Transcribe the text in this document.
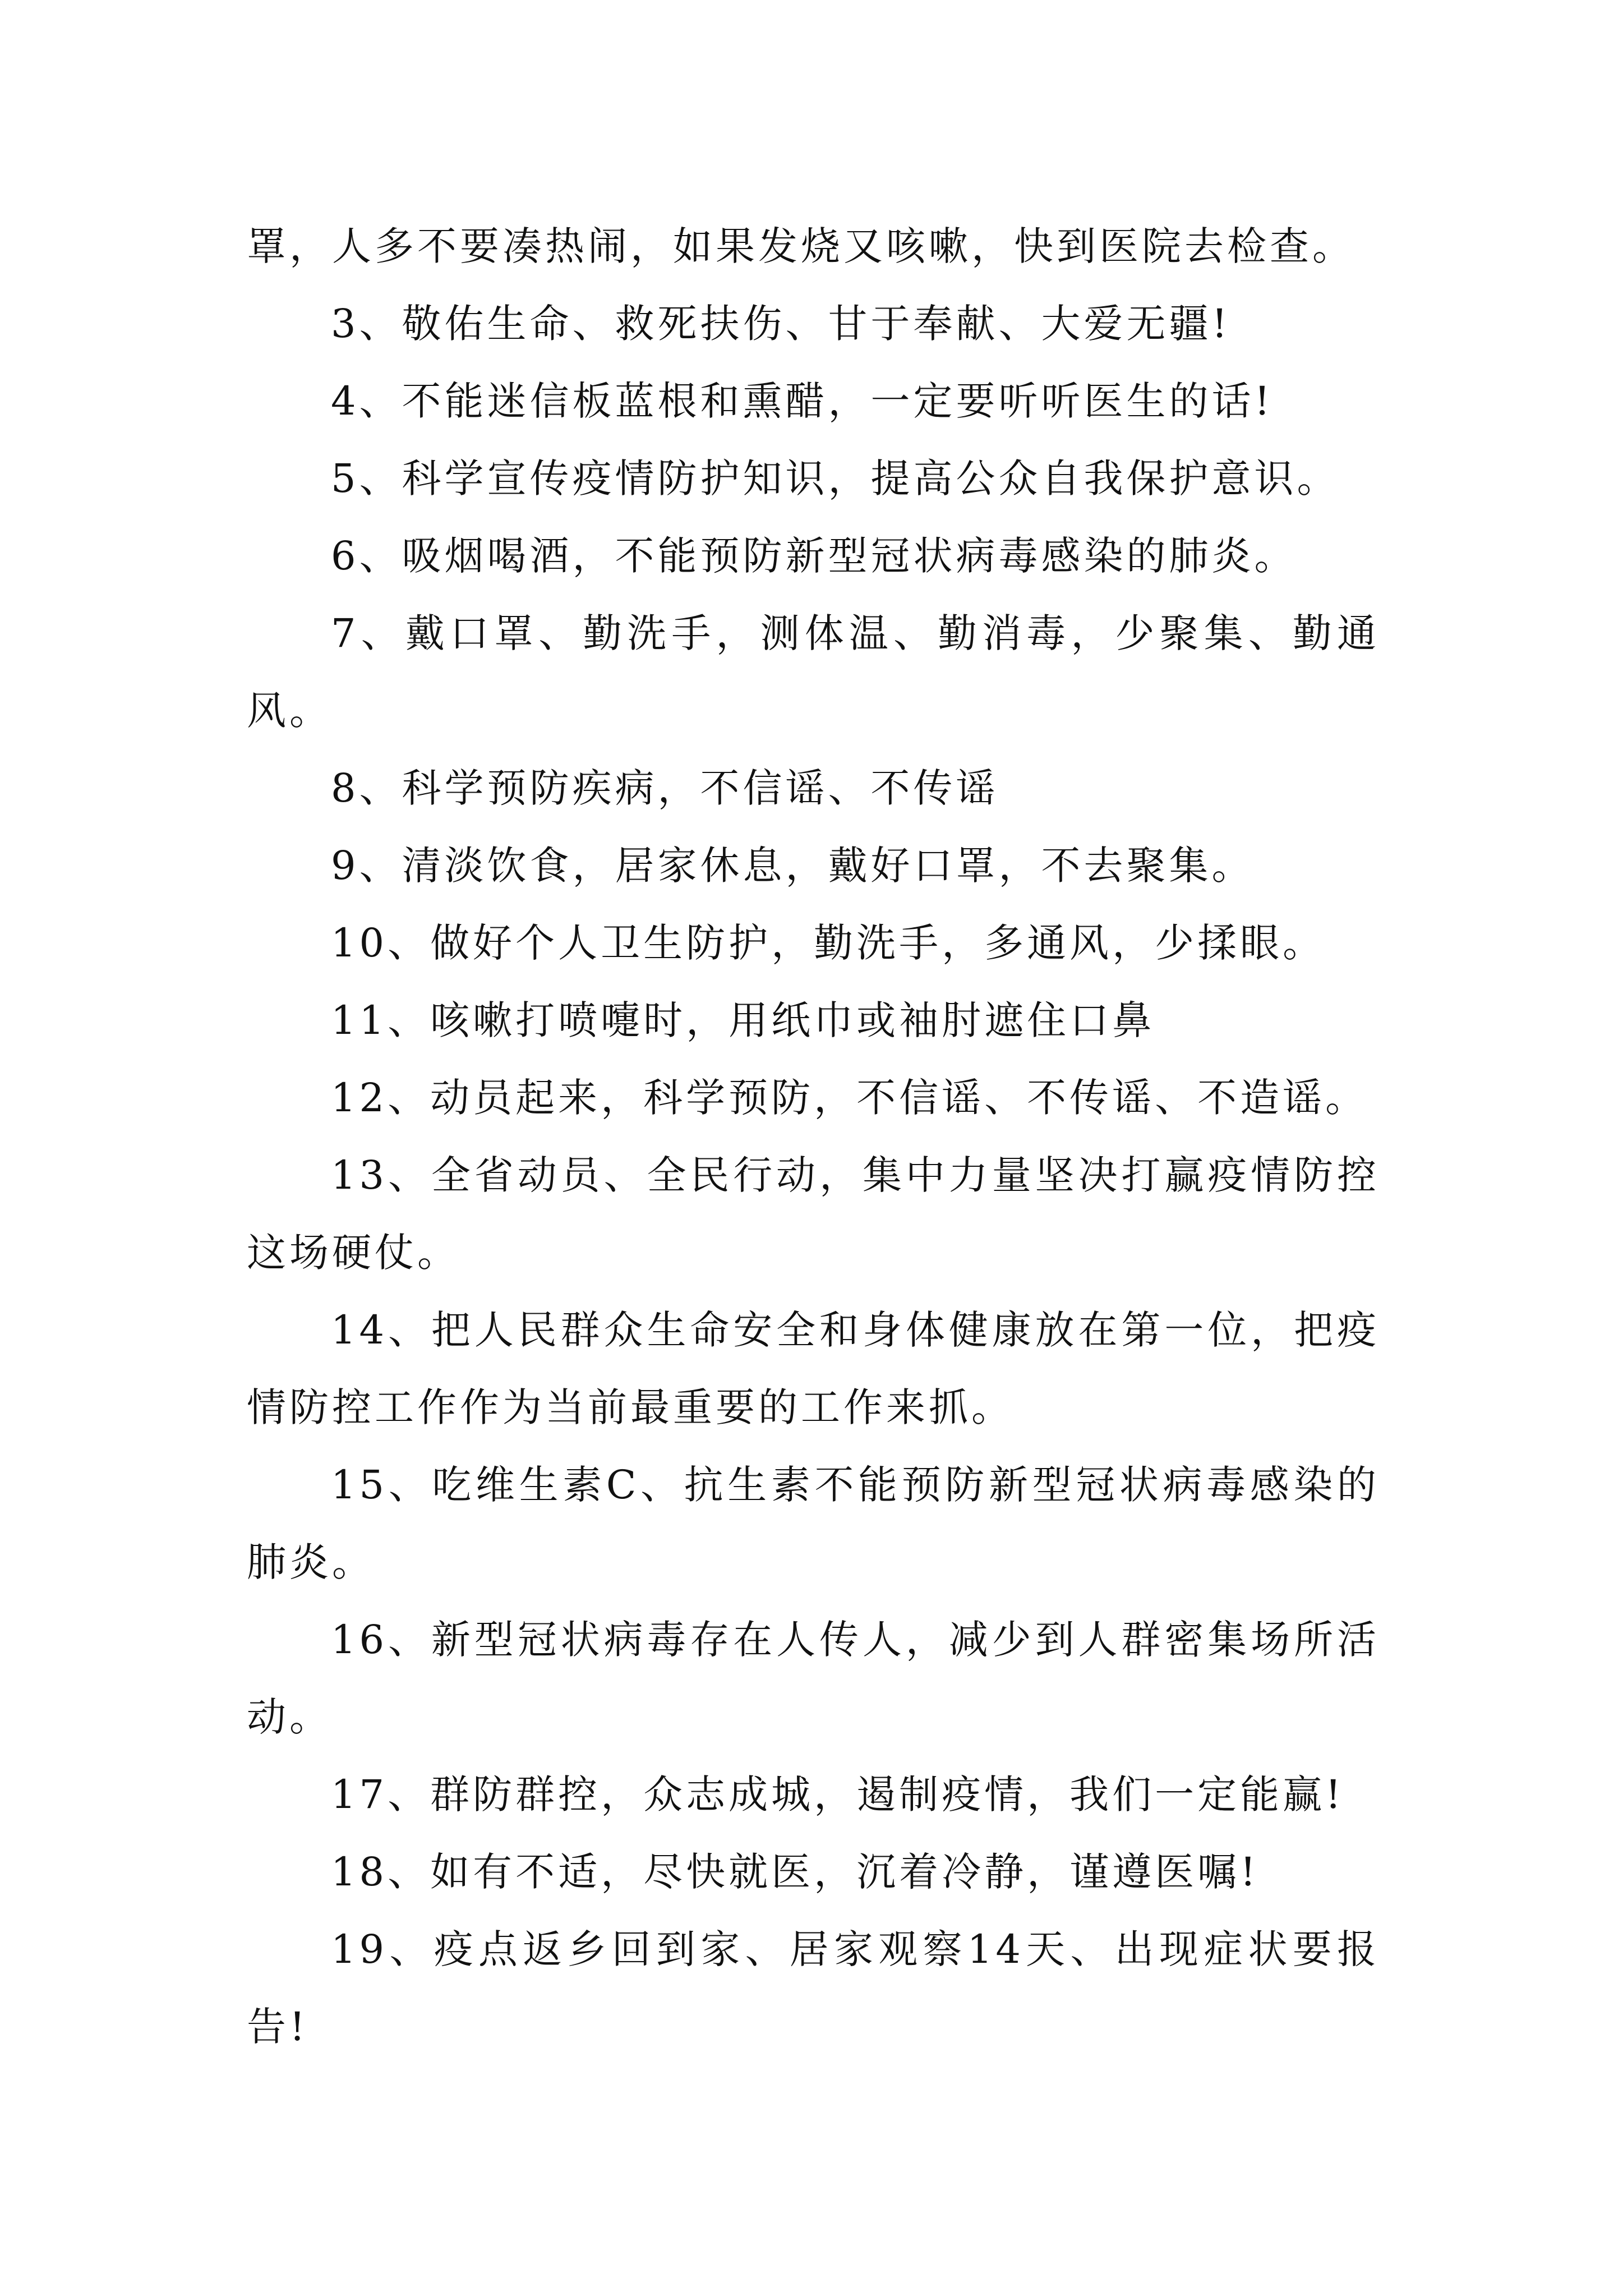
罩，人多不要凑热闹，如果发烧又咳嗽，快到医院去检查。

3、敬佑生命、救死扶伤、甘于奉献、大爱无疆!

4、不能迷信板蓝根和熏醋，一定要听听医生的话!

5、科学宣传疫情防护知识，提高公众自我保护意识。

6、吸烟喝酒，不能预防新型冠状病毒感染的肺炎。

7、戴口罩、勤洗手，测体温、勤消毒，少聚集、勤通风。

8、科学预防疾病，不信谣、不传谣

9、清淡饮食，居家休息，戴好口罩，不去聚集。

10、做好个人卫生防护，勤洗手，多通风，少揉眼。

11、咳嗽打喷嚏时，用纸巾或袖肘遮住口鼻

12、动员起来，科学预防，不信谣、不传谣、不造谣。

13、全省动员、全民行动，集中力量坚决打赢疫情防控这场硬仗。

14、把人民群众生命安全和身体健康放在第一位，把疫情防控工作作为当前最重要的工作来抓。

15、吃维生素C、抗生素不能预防新型冠状病毒感染的肺炎。

16、新型冠状病毒存在人传人，减少到人群密集场所活动。

17、群防群控，众志成城，遏制疫情，我们一定能赢!

18、如有不适，尽快就医，沉着冷静，谨遵医嘱!

19、疫点返乡回到家、居家观察14天、出现症状要报告!
